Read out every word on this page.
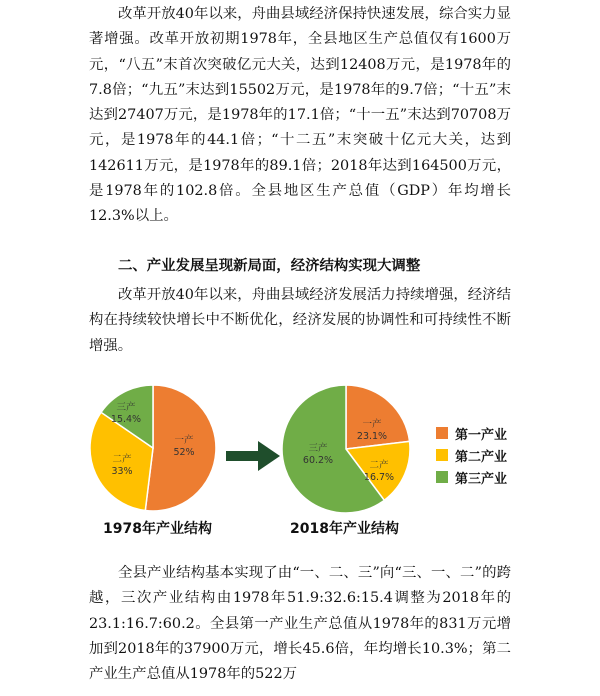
改革开放40年以来，舟曲县域经济保持快速发展，综合实力显著增强。改革开放初期1978年，全县地区生产总值仅有1600万元，“八五”末首次突破亿元大关，达到12408万元，是1978年的7.8倍；“九五”末达到15502万元，是1978年的9.7倍；“十五”末达到27407万元，是1978年的17.1倍；“十一五”末达到70708万元，是1978年的44.1倍；“十二五”末突破十亿元大关，达到142611万元，是1978年的89.1倍；2018年达到164500万元，是1978年的102.8倍。全县地区生产总值（GDP）年均增长12.3%以上。

二、产业发展呈现新局面，经济结构实现大调整

改革开放40年以来，舟曲县域经济发展活力持续增强，经济结构在持续较快增长中不断优化，经济发展的协调性和可持续性不断增强。

一产
52%
二产
33%
三产
15.4%	一产
23.1%
二产
16.7%
三产
60.2%
1978年产业结构	2018年产业结构
第一产业
第二产业
第三产业

全县产业结构基本实现了由“一、二、三”向“三、一、二”的跨越，三次产业结构由1978年51.9:32.6:15.4调整为2018年的23.1:16.7:60.2。全县第一产业生产总值从1978年的831万元增加到2018年的37900万元，增长45.6倍，年均增长10.3%；第二产业生产总值从1978年的522万
